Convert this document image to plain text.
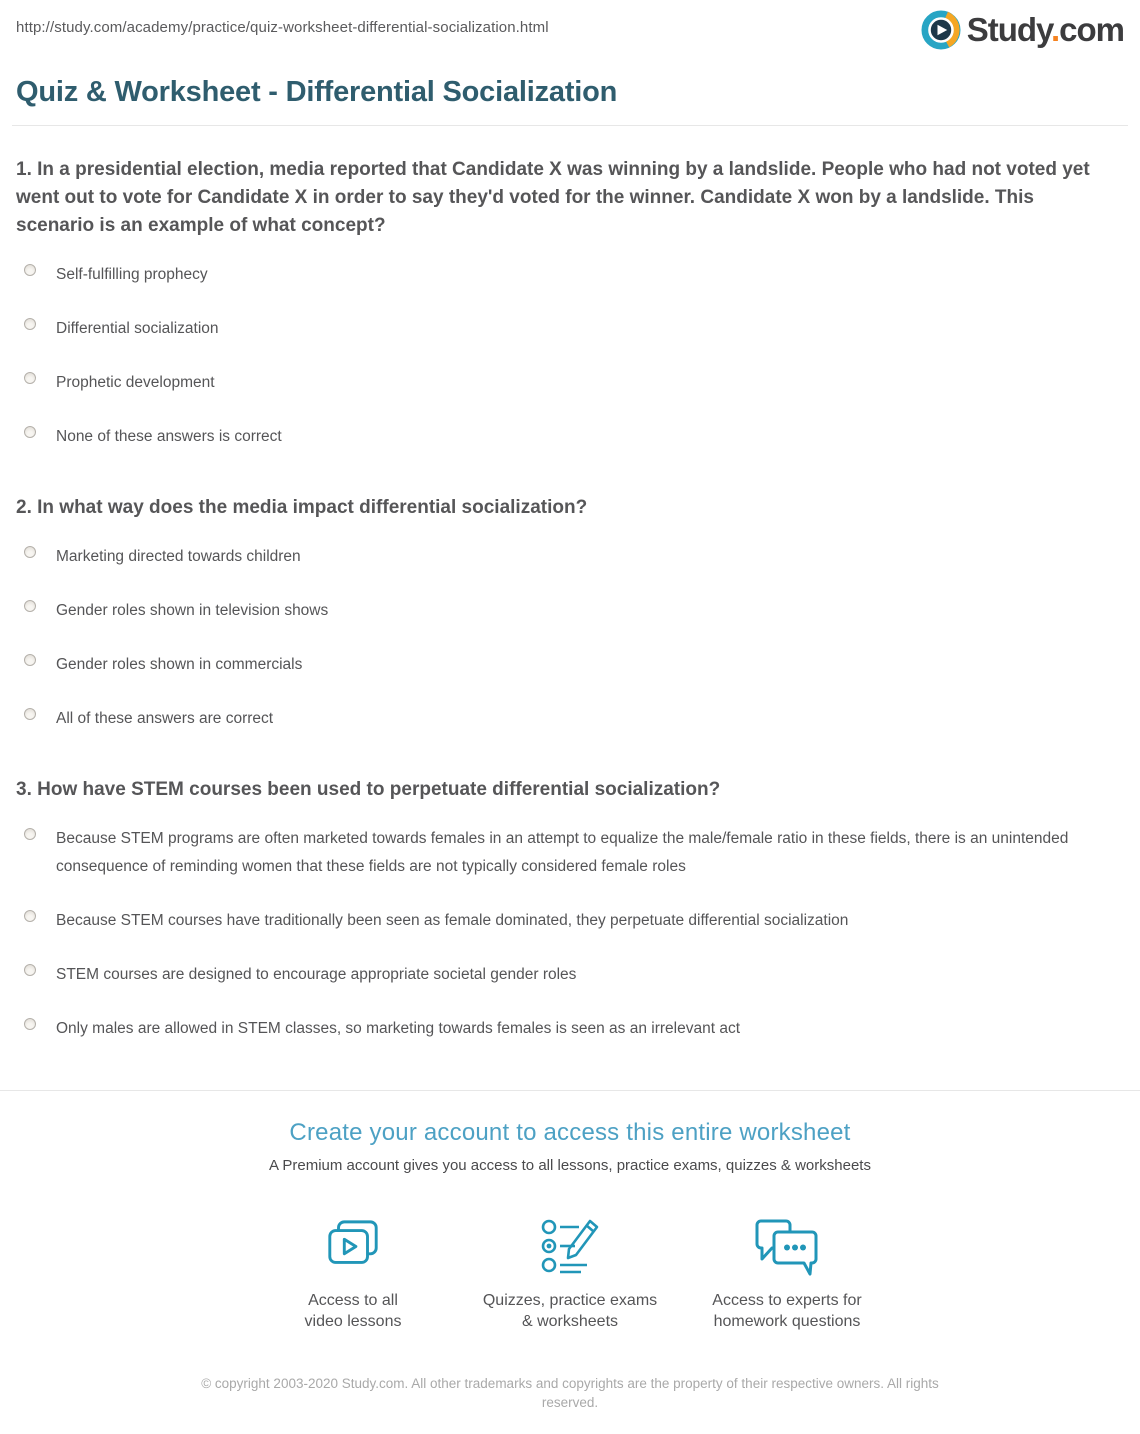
http://study.com/academy/practice/quiz-worksheet-differential-socialization.html	Study.com
Quiz & Worksheet - Differential Socialization
1. In a presidential election, media reported that Candidate X was winning by a landslide. People who had not voted yet went out to vote for Candidate X in order to say they'd voted for the winner. Candidate X won by a landslide. This scenario is an example of what concept?
Self-fulfilling prophecy
Differential socialization
Prophetic development
None of these answers is correct
2. In what way does the media impact differential socialization?
Marketing directed towards children
Gender roles shown in television shows
Gender roles shown in commercials
All of these answers are correct
3. How have STEM courses been used to perpetuate differential socialization?
Because STEM programs are often marketed towards females in an attempt to equalize the male/female ratio in these fields, there is an unintended consequence of reminding women that these fields are not typically considered female roles
Because STEM courses have traditionally been seen as female dominated, they perpetuate differential socialization
STEM courses are designed to encourage appropriate societal gender roles
Only males are allowed in STEM classes, so marketing towards females is seen as an irrelevant act
Create your account to access this entire worksheet

A Premium account gives you access to all lessons, practice exams, quizzes & worksheets

Access to all
video lessons
Quizzes, practice exams
& worksheets
Access to experts for
homework questions

© copyright 2003-2020 Study.com. All other trademarks and copyrights are the property of their respective owners. All rights reserved.
